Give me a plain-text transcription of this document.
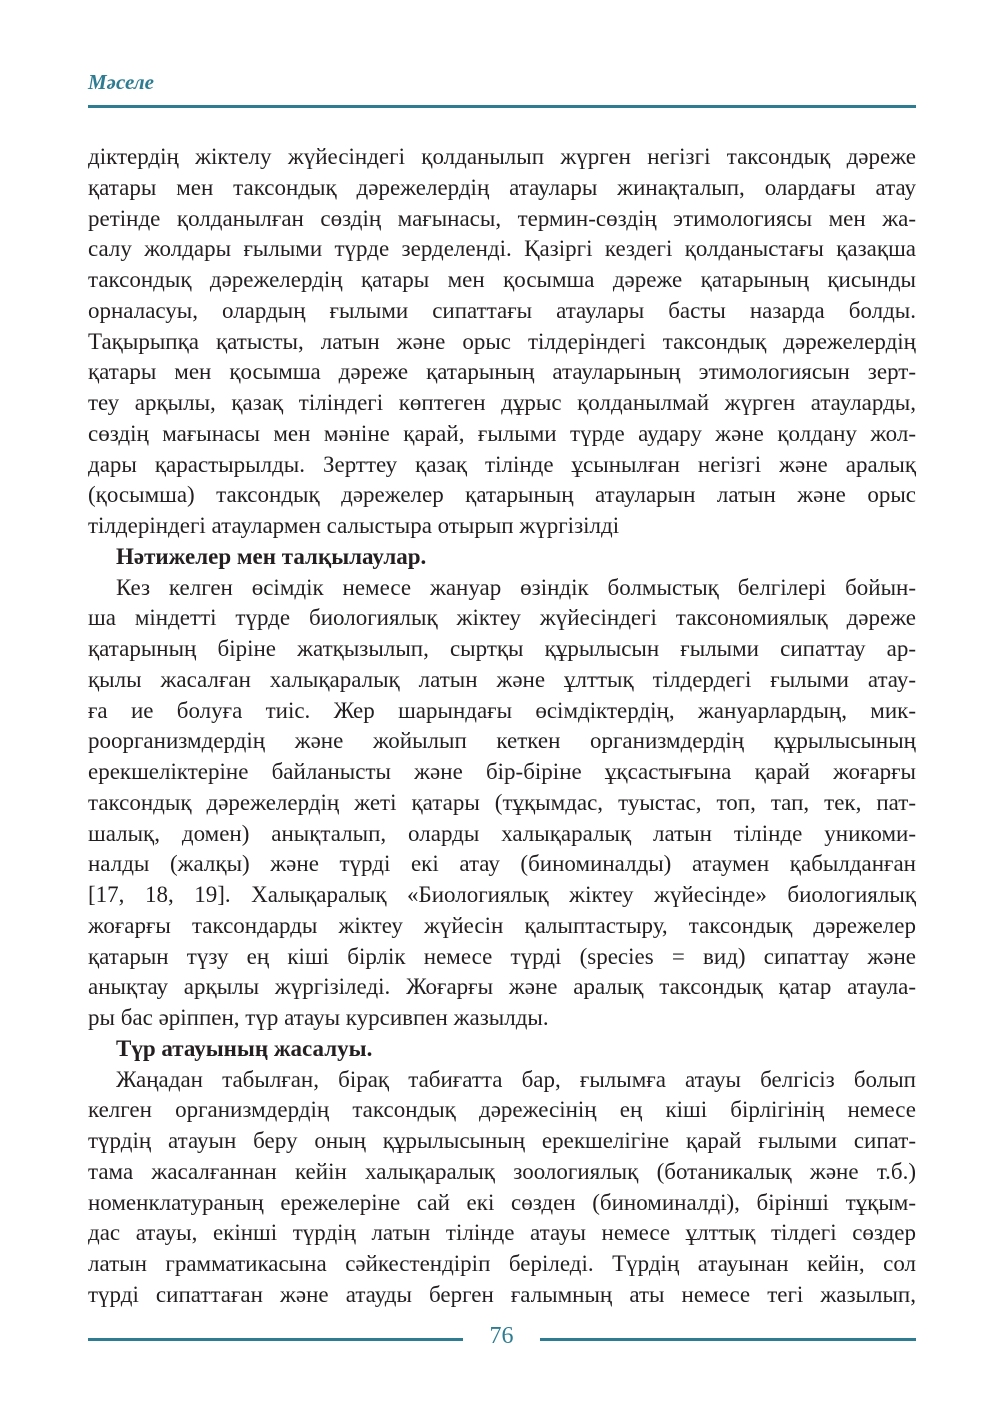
Мәселе
діктердің жіктелу жүйесіндегі қолданылып жүрген негізгі таксондық дәреже
қатары мен таксондық дәрежелердің атаулары жинақталып, олардағы атау
ретінде қолданылған сөздің мағынасы, термин-сөздің этимологиясы мен жа-
салу жолдары ғылыми түрде зерделенді. Қазіргі кездегі қолданыстағы қазақша
таксондық дәрежелердің қатары мен қосымша дәреже қатарының қисынды
орналасуы, олардың ғылыми сипаттағы атаулары басты назарда болды.
Тақырыпқа қатысты, латын және орыс тілдеріндегі таксондық дәрежелердің
қатары мен қосымша дәреже қатарының атауларының этимологиясын зерт-
теу арқылы, қазақ тіліндегі көптеген дұрыс қолданылмай жүрген атауларды,
сөздің мағынасы мен мәніне қарай, ғылыми түрде аудару және қолдану жол-
дары қарастырылды. Зерттеу қазақ тілінде ұсынылған негізгі және аралық
(қосымша) таксондық дәрежелер қатарының атауларын латын және орыс
тілдеріндегі атаулармен салыстыра отырып жүргізілді
Нәтижелер мен талқылаулар.
Кез келген өсімдік немесе жануар өзіндік болмыстық белгілері бойын-
ша міндетті түрде биологиялық жіктеу жүйесіндегі таксономиялық дәреже
қатарының біріне жатқызылып, сыртқы құрылысын ғылыми сипаттау ар-
қылы жасалған халықаралық латын және ұлттық тілдердегі ғылыми атау-
ға ие болуға тиіс. Жер шарындағы өсімдіктердің, жануарлардың, мик-
роорганизмдердің және жойылып кеткен организмдердің құрылысының
ерекшеліктеріне байланысты және бір-біріне ұқсастығына қарай жоғарғы
таксондық дәрежелердің жеті қатары (тұқымдас, туыстас, топ, тап, тек, пат-
шалық, домен) анықталып, оларды халықаралық латын тілінде уникоми-
налды (жалқы) және түрді екі атау (биноминалды) атаумен қабылданған
[17, 18, 19]. Халықаралық «Биологиялық жіктеу жүйесінде» биологиялық
жоғарғы таксондарды жіктеу жүйесін қалыптастыру, таксондық дәрежелер
қатарын түзу ең кіші бірлік немесе түрді (species = вид) сипаттау және
анықтау арқылы жүргізіледі. Жоғарғы және аралық таксондық қатар атаула-
ры бас әріппен, түр атауы курсивпен жазылды.
Түр атауының жасалуы.
Жаңадан табылған, бірақ табиғатта бар, ғылымға атауы белгісіз болып
келген организмдердің таксондық дәрежесінің ең кіші бірлігінің немесе
түрдің атауын беру оның құрылысының ерекшелігіне қарай ғылыми сипат-
тама жасалғаннан кейін халықаралық зоологиялық (ботаникалық және т.б.)
номенклатураның ережелеріне сай екі сөзден (биноминалді), бірінші тұқым-
дас атауы, екінші түрдің латын тілінде атауы немесе ұлттық тілдегі сөздер
латын грамматикасына сәйкестендіріп беріледі. Түрдің атауынан кейін, сол
түрді сипаттаған және атауды берген ғалымның аты немесе тегі жазылып,
76
